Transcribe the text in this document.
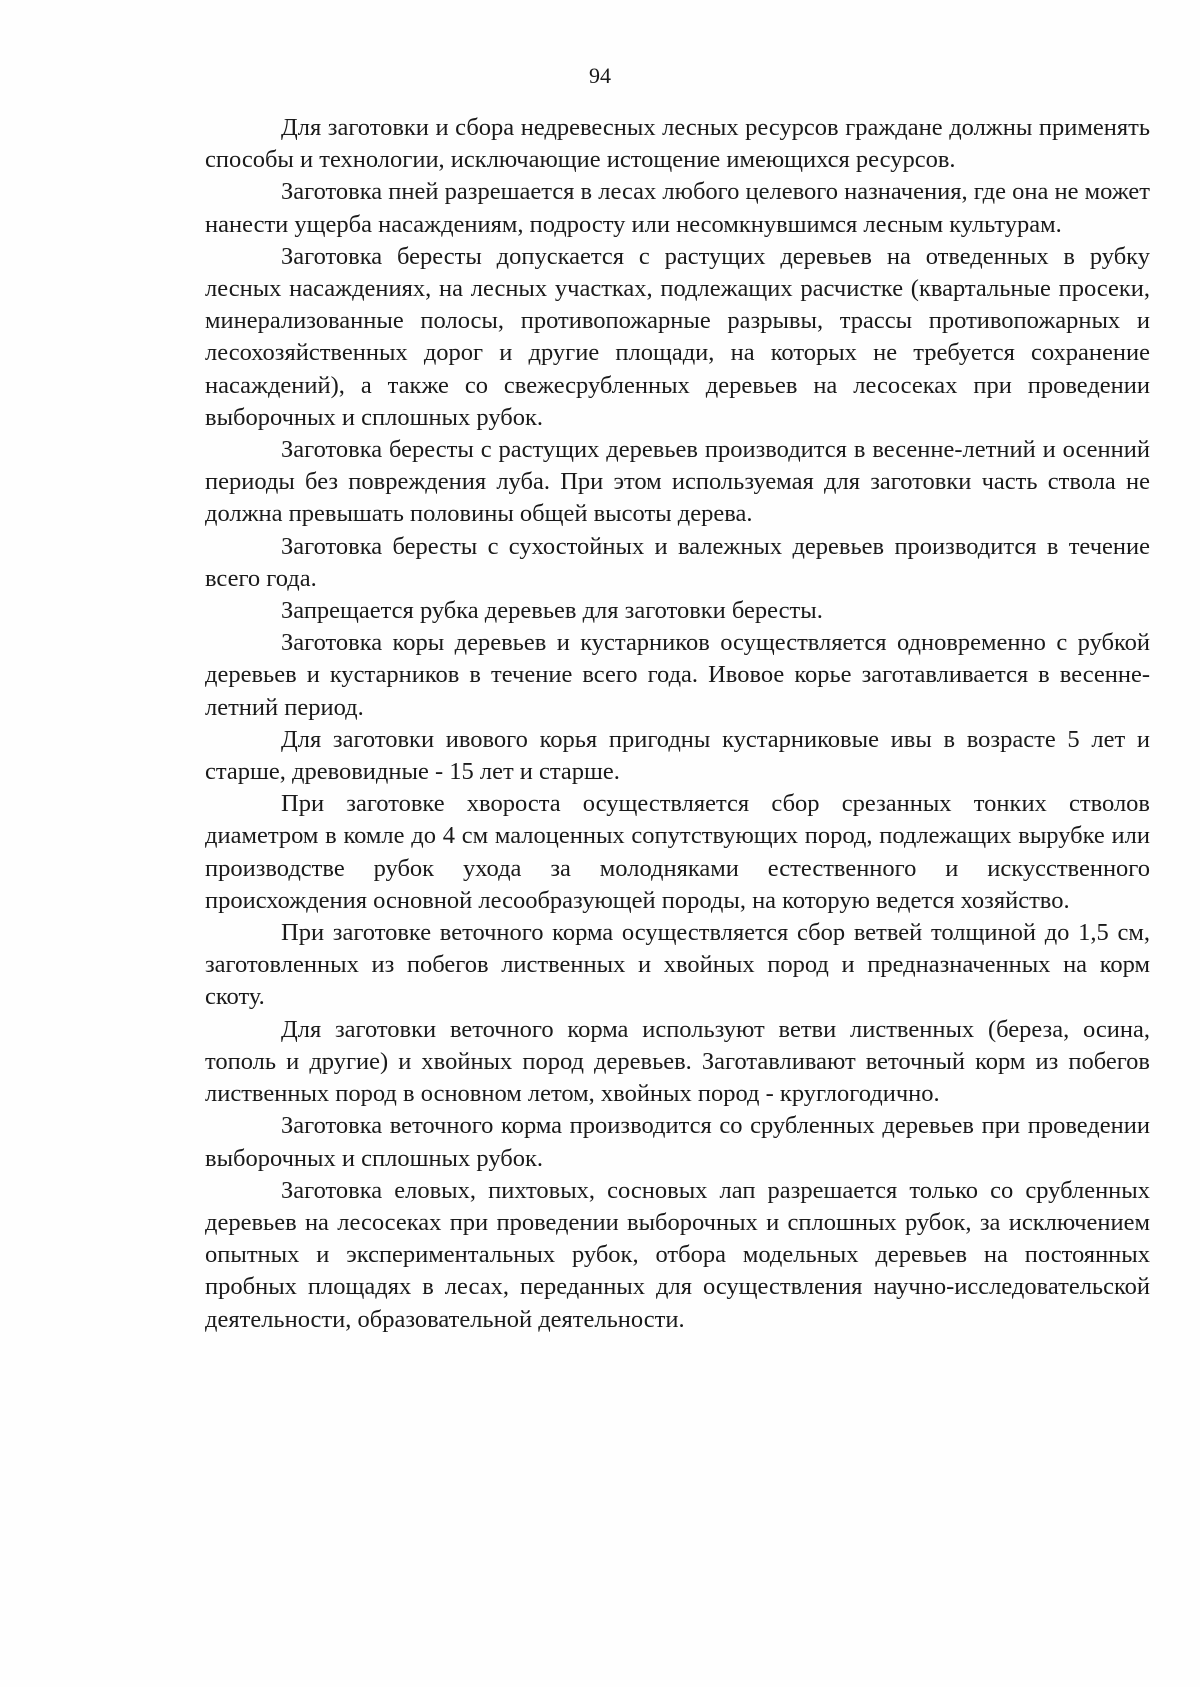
94

Для заготовки и сбора недревесных лесных ресурсов граждане должны применять способы и технологии, исключающие истощение имеющихся ресурсов.

Заготовка пней разрешается в лесах любого целевого назначения, где она не может нанести ущерба насаждениям, подросту или несомкнувшимся лесным культурам.

Заготовка бересты допускается с растущих деревьев на отведенных в рубку лесных насаждениях, на лесных участках, подлежащих расчистке (квартальные просеки, минерализованные полосы, противопожарные разрывы, трассы противопожарных и лесохозяйственных дорог и другие площади, на которых не требуется сохранение насаждений), а также со свежесрубленных деревьев на лесосеках при проведении выборочных и сплошных рубок.

Заготовка бересты с растущих деревьев производится в весенне-летний и осенний периоды без повреждения луба. При этом используемая для заготовки часть ствола не должна превышать половины общей высоты дерева.

Заготовка бересты с сухостойных и валежных деревьев производится в течение всего года.

Запрещается рубка деревьев для заготовки бересты.

Заготовка коры деревьев и кустарников осуществляется одновременно с рубкой деревьев и кустарников в течение всего года. Ивовое корье заготавливается в весенне-летний период.

Для заготовки ивового корья пригодны кустарниковые ивы в возрасте 5 лет и старше, древовидные - 15 лет и старше.

При заготовке хвороста осуществляется сбор срезанных тонких стволов диаметром в комле до 4 см малоценных сопутствующих пород, подлежащих вырубке или производстве рубок ухода за молодняками естественного и искусственного происхождения основной лесообразующей породы, на которую ведется хозяйство.

При заготовке веточного корма осуществляется сбор ветвей толщиной до 1,5 см, заготовленных из побегов лиственных и хвойных пород и предназначенных на корм скоту.

Для заготовки веточного корма используют ветви лиственных (береза, осина, тополь и другие) и хвойных пород деревьев. Заготавливают веточный корм из побегов лиственных пород в основном летом, хвойных пород - круглогодично.

Заготовка веточного корма производится со срубленных деревьев при проведении выборочных и сплошных рубок.

Заготовка еловых, пихтовых, сосновых лап разрешается только со срубленных деревьев на лесосеках при проведении выборочных и сплошных рубок, за исключением опытных и экспериментальных рубок, отбора модельных деревьев на постоянных пробных площадях в лесах, переданных для осуществления научно-исследовательской деятельности, образовательной деятельности.
